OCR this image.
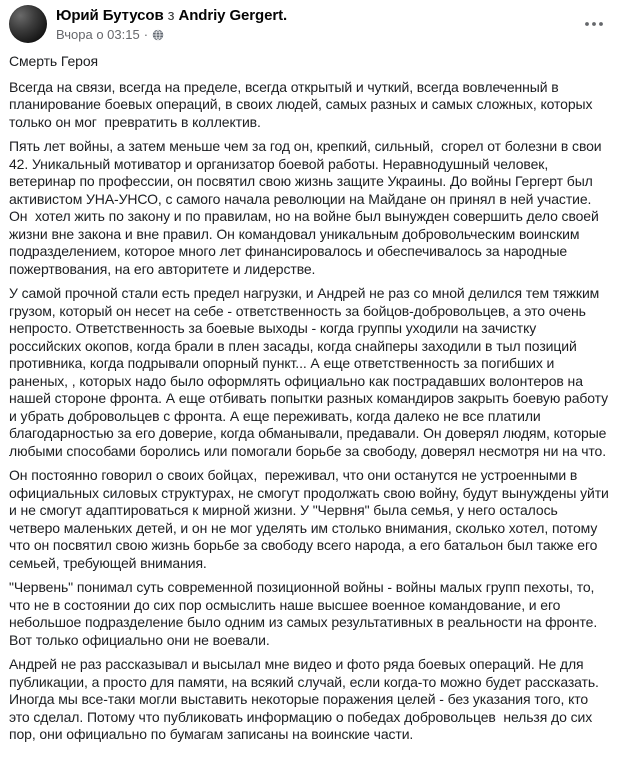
Юрий Бутусов з Andriy Gergert.
Вчора о 03:15 ·

Смерть Героя

Всегда на связи, всегда на пределе, всегда открытый и чуткий, всегда вовлеченный в планирование боевых операций, в своих людей, самых разных и самых сложных, которых только он мог  превратить в коллектив.

Пять лет войны, а затем меньше чем за год он, крепкий, сильный,  сгорел от болезни в свои 42. Уникальный мотиватор и организатор боевой работы. Неравнодушный человек, ветеринар по профессии, он посвятил свою жизнь защите Украины. До войны Гергерт был активистом УНА-УНСО, с самого начала революции на Майдане он принял в ней участие. Он  хотел жить по закону и по правилам, но на войне был вынужден совершить дело своей жизни вне закона и вне правил. Он командовал уникальным добровольческим воинским подразделением, которое много лет финансировалось и обеспечивалось за народные пожертвования, на его авторитете и лидерстве.

У самой прочной стали есть предел нагрузки, и Андрей не раз со мной делился тем тяжким грузом, который он несет на себе - ответственность за бойцов-добровольцев, а это очень непросто. Ответственность за боевые выходы - когда группы уходили на зачистку российских окопов, когда брали в плен засады, когда снайперы заходили в тыл позиций противника, когда подрывали опорный пункт... А еще ответственность за погибших и раненых, , которых надо было оформлять официально как пострадавших волонтеров на нашей стороне фронта. А еще отбивать попытки разных командиров закрыть боевую работу и убрать добровольцев с фронта. А еще переживать, когда далеко не все платили благодарностью за его доверие, когда обманывали, предавали. Он доверял людям, которые любыми способами боролись или помогали борьбе за свободу, доверял несмотря ни на что.

Он постоянно говорил о своих бойцах,  переживал, что они останутся не устроенными в официальных силовых структурах, не смогут продолжать свою войну, будут вынуждены уйти и не смогут адаптироваться к мирной жизни. У "Червня" была семья, у него осталось четверо маленьких детей, и он не мог уделять им столько внимания, сколько хотел, потому что он посвятил свою жизнь борьбе за свободу всего народа, а его батальон был также его семьей, требующей внимания.

"Червень" понимал суть современной позиционной войны - войны малых групп пехоты, то, что не в состоянии до сих пор осмыслить наше высшее военное командование, и его небольшое подразделение было одним из самых результативных в реальности на фронте. Вот только официально они не воевали.

Андрей не раз рассказывал и высылал мне видео и фото ряда боевых операций. Не для публикации, а просто для памяти, на всякий случай, если когда-то можно будет рассказать. Иногда мы все-таки могли выставить некоторые поражения целей - без указания того, кто это сделал. Потому что публиковать информацию о победах добровольцев  нельзя до сих пор, они официально по бумагам записаны на воинские части.
